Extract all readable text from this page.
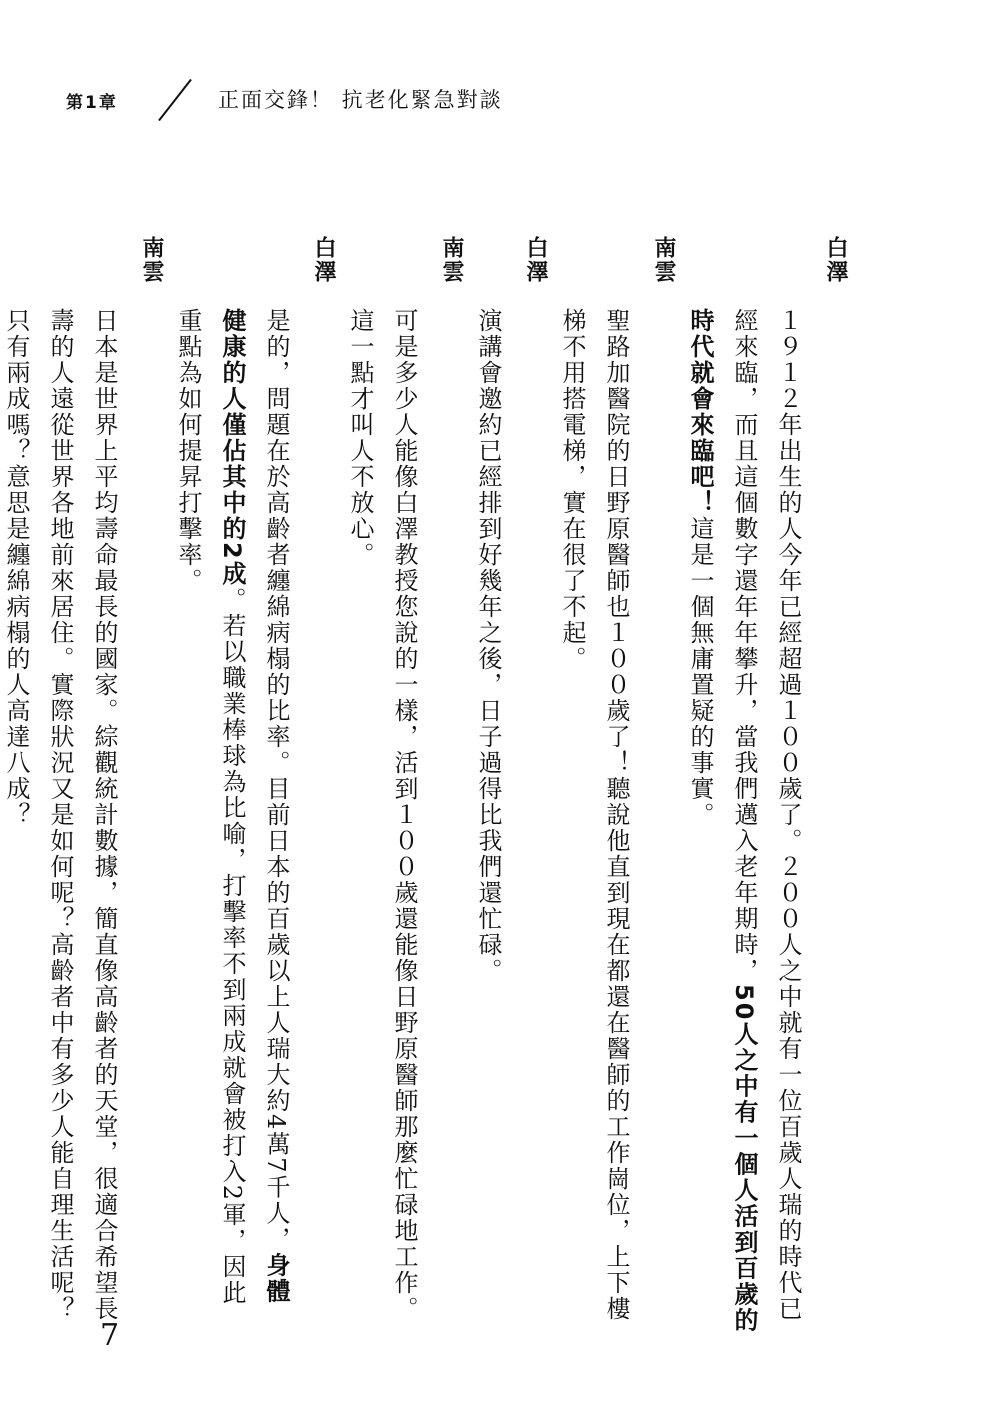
第1章	正面交鋒！ 抗老化緊急對談
白澤
１９１２年出生的人今年已經超過１００歲了。２００人之中就有一位百歲人瑞的時代已
經來臨，而且這個數字還年年攀升，當我們邁入老年期時，50人之中有一個人活到百歲的
時代就會來臨吧！這是一個無庸置疑的事實。
南雲
聖路加醫院的日野原醫師也１００歲了！聽說他直到現在都還在醫師的工作崗位，上下樓
梯不用搭電梯，實在很了不起。
白澤
演講會邀約已經排到好幾年之後，日子過得比我們還忙碌。
南雲
可是多少人能像白澤教授您說的一樣，活到１００歲還能像日野原醫師那麼忙碌地工作。
這一點才叫人不放心。
白澤
是的，問題在於高齡者纏綿病榻的比率。目前日本的百歲以上人瑞大約4萬7千人，身體
健康的人僅佔其中的2成。若以職業棒球為比喻，打擊率不到兩成就會被打入2軍，因此
重點為如何提昇打擊率。
南雲
日本是世界上平均壽命最長的國家。綜觀統計數據，簡直像高齡者的天堂，很適合希望長
壽的人遠從世界各地前來居住。實際狀況又是如何呢？高齡者中有多少人能自理生活呢？
只有兩成嗎？意思是纏綿病榻的人高達八成？
7
